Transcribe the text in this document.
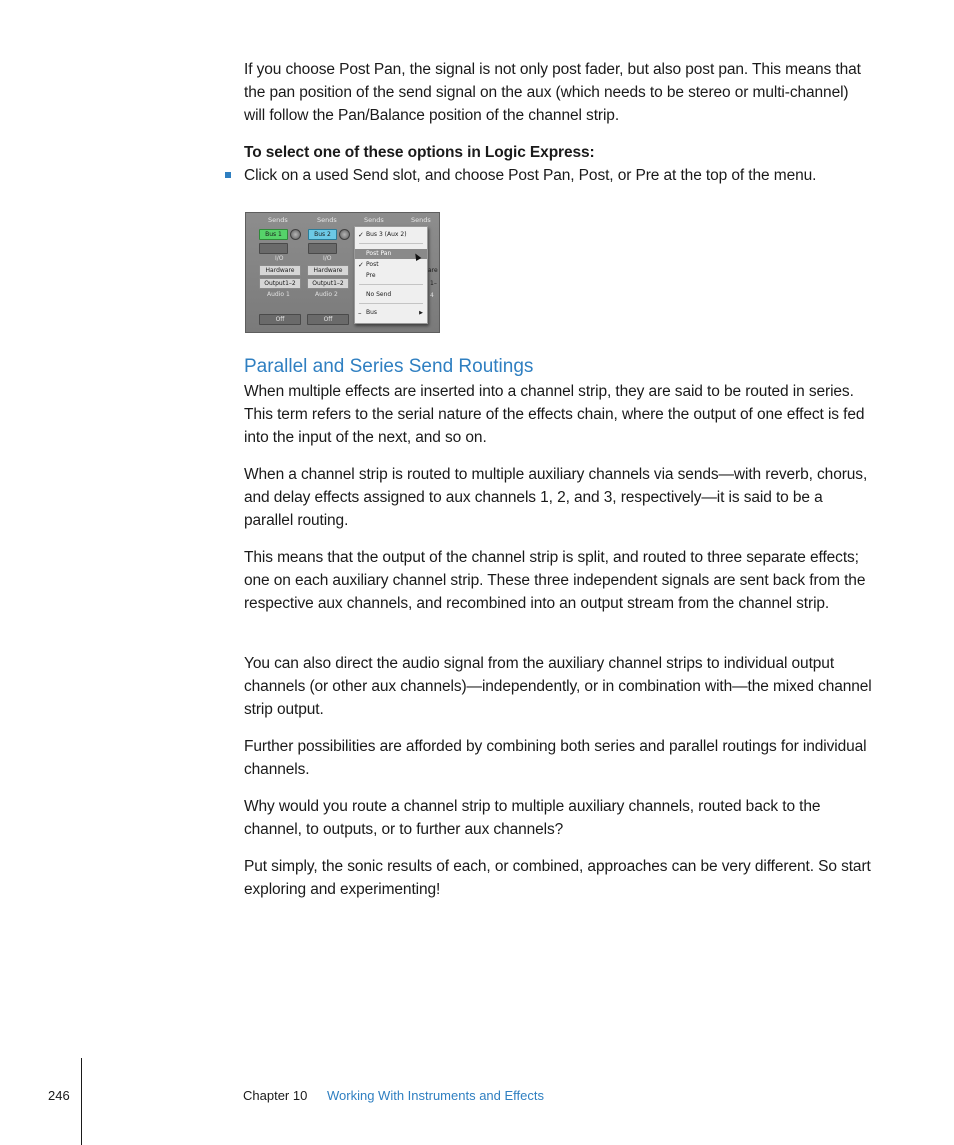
If you choose Post Pan, the signal is not only post fader, but also post pan. This means that the pan position of the send signal on the aux (which needs to be stereo or multi-channel) will follow the Pan/Balance position of the channel strip.

To select one of these options in Logic Express:

Click on a used Send slot, and choose Post Pan, Post, or Pre at the top of the menu.

Sends	Sends	Sends	Sends
Bus 1	Bus 2
I/O	I/O
Hardware	Hardware
Output1–2	Output1–2
Audio 1	Audio 2
Off	Off
are
1–
4
✓ Bus 3 (Aux 2)
Post Pan
✓ Post
Pre
No Send
– Bus	▶
Parallel and Series Send Routings

When multiple effects are inserted into a channel strip, they are said to be routed in series. This term refers to the serial nature of the effects chain, where the output of one effect is fed into the input of the next, and so on.

When a channel strip is routed to multiple auxiliary channels via sends—with reverb, chorus, and delay effects assigned to aux channels 1, 2, and 3, respectively—it is said to be a parallel routing.

This means that the output of the channel strip is split, and routed to three separate effects; one on each auxiliary channel strip. These three independent signals are sent back from the respective aux channels, and recombined into an output stream from the channel strip.

You can also direct the audio signal from the auxiliary channel strips to individual output channels (or other aux channels)—independently, or in combination with—the mixed channel strip output.

Further possibilities are afforded by combining both series and parallel routings for individual channels.

Why would you route a channel strip to multiple auxiliary channels, routed back to the channel, to outputs, or to further aux channels?

Put simply, the sonic results of each, or combined, approaches can be very different. So start exploring and experimenting!

246	Chapter 10 Working With Instruments and Effects
